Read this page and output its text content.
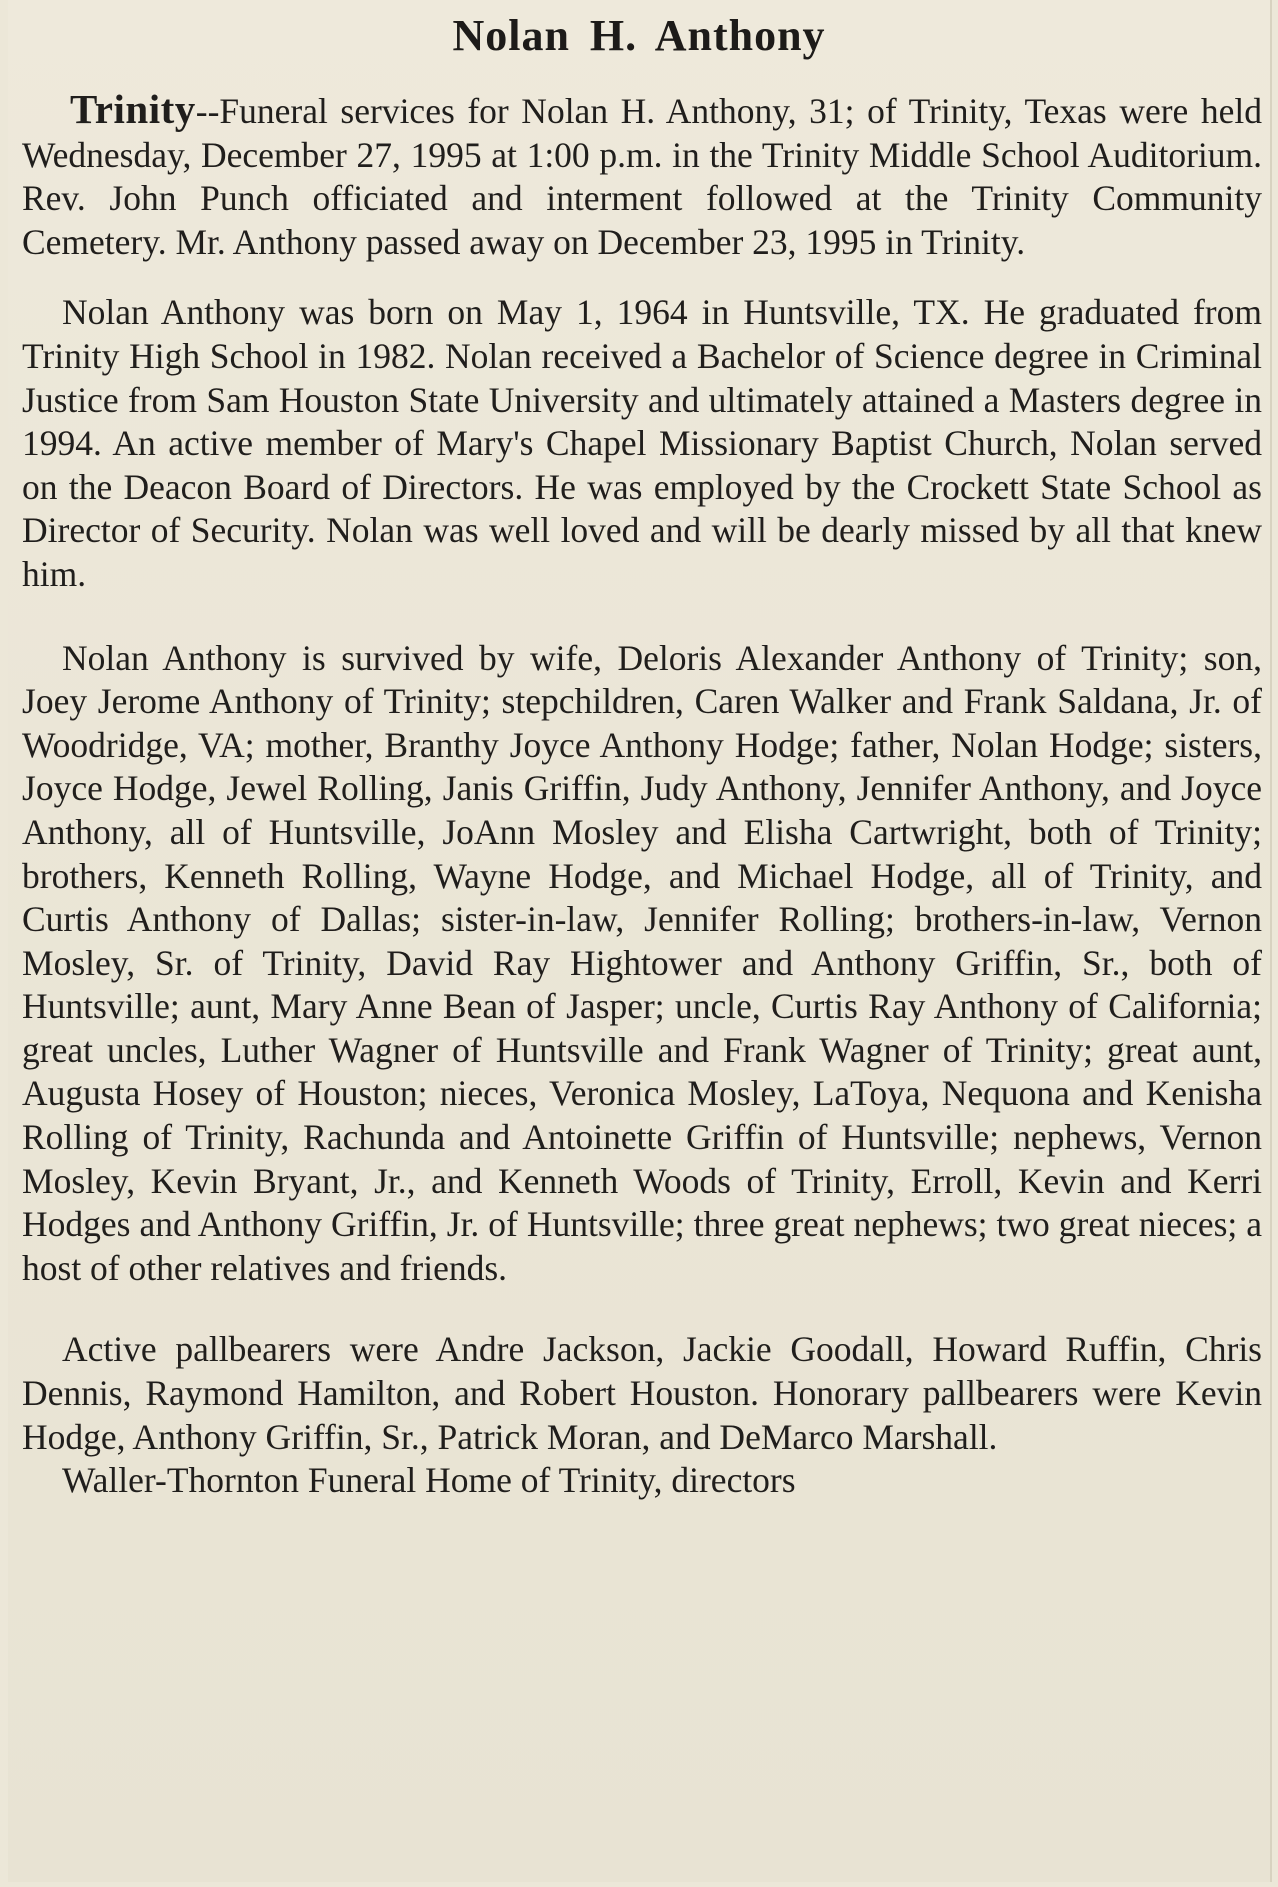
Nolan H. Anthony

Trinity--Funeral services for Nolan H. Anthony, 31; of Trinity, Texas were held Wednesday, December 27, 1995 at 1:00 p.m. in the Trinity Middle School Auditorium. Rev. John Punch officiated and interment followed at the Trinity Community Cemetery. Mr. Anthony passed away on December 23, 1995 in Trinity.

Nolan Anthony was born on May 1, 1964 in Huntsville, TX. He graduated from Trinity High School in 1982. Nolan received a Bachelor of Science degree in Criminal Justice from Sam Houston State University and ultimately attained a Masters degree in 1994. An active member of Mary's Chapel Missionary Baptist Church, Nolan served on the Deacon Board of Directors. He was employed by the Crockett State School as Director of Security. Nolan was well loved and will be dearly missed by all that knew him.

Nolan Anthony is survived by wife, Deloris Alexander Anthony of Trinity; son, Joey Jerome Anthony of Trinity; stepchildren, Caren Walker and Frank Saldana, Jr. of Woodridge, VA; mother, Branthy Joyce Anthony Hodge; father, Nolan Hodge; sisters, Joyce Hodge, Jewel Rolling, Janis Griffin, Judy Anthony, Jennifer Anthony, and Joyce Anthony, all of Huntsville, JoAnn Mosley and Elisha Cartwright, both of Trinity; brothers, Kenneth Rolling, Wayne Hodge, and Michael Hodge, all of Trinity, and Curtis Anthony of Dallas; sister-in-law, Jennifer Rolling; brothers-in-law, Vernon Mosley, Sr. of Trinity, David Ray Hightower and Anthony Griffin, Sr., both of Huntsville; aunt, Mary Anne Bean of Jasper; uncle, Curtis Ray Anthony of California; great uncles, Luther Wagner of Huntsville and Frank Wagner of Trinity; great aunt, Augusta Hosey of Houston; nieces, Veronica Mosley, LaToya, Nequona and Kenisha Rolling of Trinity, Rachunda and Antoinette Griffin of Huntsville; nephews, Vernon Mosley, Kevin Bryant, Jr., and Kenneth Woods of Trinity, Erroll, Kevin and Kerri Hodges and Anthony Griffin, Jr. of Huntsville; three great nephews; two great nieces; a host of other relatives and friends.

Active pallbearers were Andre Jackson, Jackie Goodall, Howard Ruffin, Chris Dennis, Raymond Hamilton, and Robert Houston. Honorary pallbearers were Kevin Hodge, Anthony Griffin, Sr., Patrick Moran, and DeMarco Marshall.

Waller-Thornton Funeral Home of Trinity, directors
